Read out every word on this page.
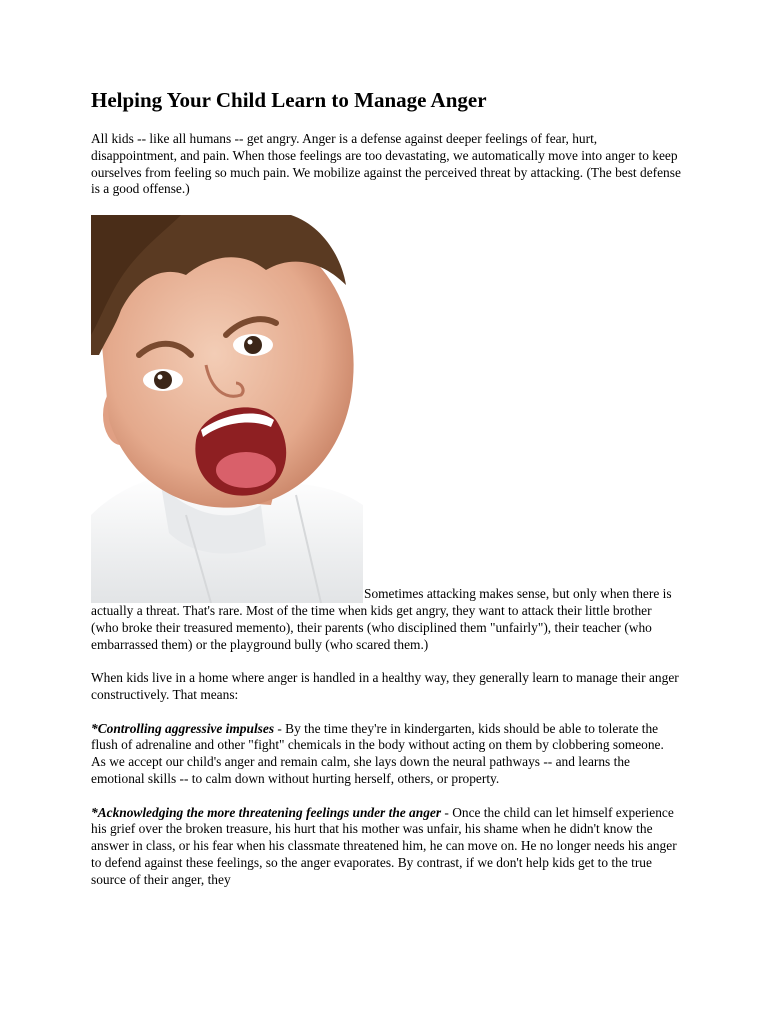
Helping Your Child Learn to Manage Anger

All kids -- like all humans -- get angry. Anger is a defense against deeper feelings of fear, hurt, disappointment, and pain. When those feelings are too devastating, we automatically move into anger to keep ourselves from feeling so much pain. We mobilize against the perceived threat by attacking. (The best defense is a good offense.)

Sometimes attacking makes sense, but only when there is actually a threat. That's rare. Most of the time when kids get angry, they want to attack their little brother (who broke their treasured memento), their parents (who disciplined them "unfairly"), their teacher (who embarrassed them) or the playground bully (who scared them.)

When kids live in a home where anger is handled in a healthy way, they generally learn to manage their anger constructively. That means:

*Controlling aggressive impulses - By the time they're in kindergarten, kids should be able to tolerate the flush of adrenaline and other "fight" chemicals in the body without acting on them by clobbering someone. As we accept our child's anger and remain calm, she lays down the neural pathways -- and learns the emotional skills -- to calm down without hurting herself, others, or property.

*Acknowledging the more threatening feelings under the anger - Once the child can let himself experience his grief over the broken treasure, his hurt that his mother was unfair, his shame when he didn't know the answer in class, or his fear when his classmate threatened him, he can move on. He no longer needs his anger to defend against these feelings, so the anger evaporates. By contrast, if we don't help kids get to the true source of their anger, they
